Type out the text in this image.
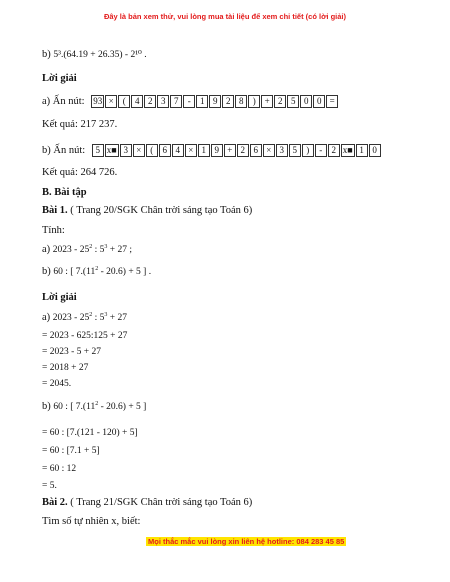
Đây là bản xem thử, vui lòng mua tài liệu để xem chi tiết (có lời giải)
b) 5³.(64.19 + 26.35) - 2¹⁰ .
Lời giải
a) Ấn nút: 93 × (	4 2 3 7	-	1 9 2 8	) + 2 5 0 0 =
Kết quả: 217 237.
b) Ấn nút:	5 x■ 3 × (	6 4 × 1 9 + 2 6 × 3 5	)	-	2 x■ 1 0
Kết quả: 264 726.
B. Bài tập
Bài 1. ( Trang 20/SGK Chân trời sáng tạo Toán 6)
Tính:
a) $2023 - 25^2$ : $5^3 + 27$ ;
b) 60 : [ $7.(11^2 - 20.6) + 5$ ] .
Lời giải
a) $2023 - 25^2$ : $5^3 + 27$
= 2023 - 625:125 + 27
= 2023 - 5 + 27
= 2018 + 27
= 2045.
b) 60 : [ $7.(11^2 - 20.6) + 5$ ]
= 60 : [7.(121 - 120) + 5]
= 60 : [7.1 + 5]
= 60 : 12
= 5.
Bài 2. ( Trang 21/SGK Chân trời sáng tạo Toán 6)
Tìm số tự nhiên x, biết:
Mọi thắc mắc vui lòng xin liên hệ hotline: 084 283 45 85
